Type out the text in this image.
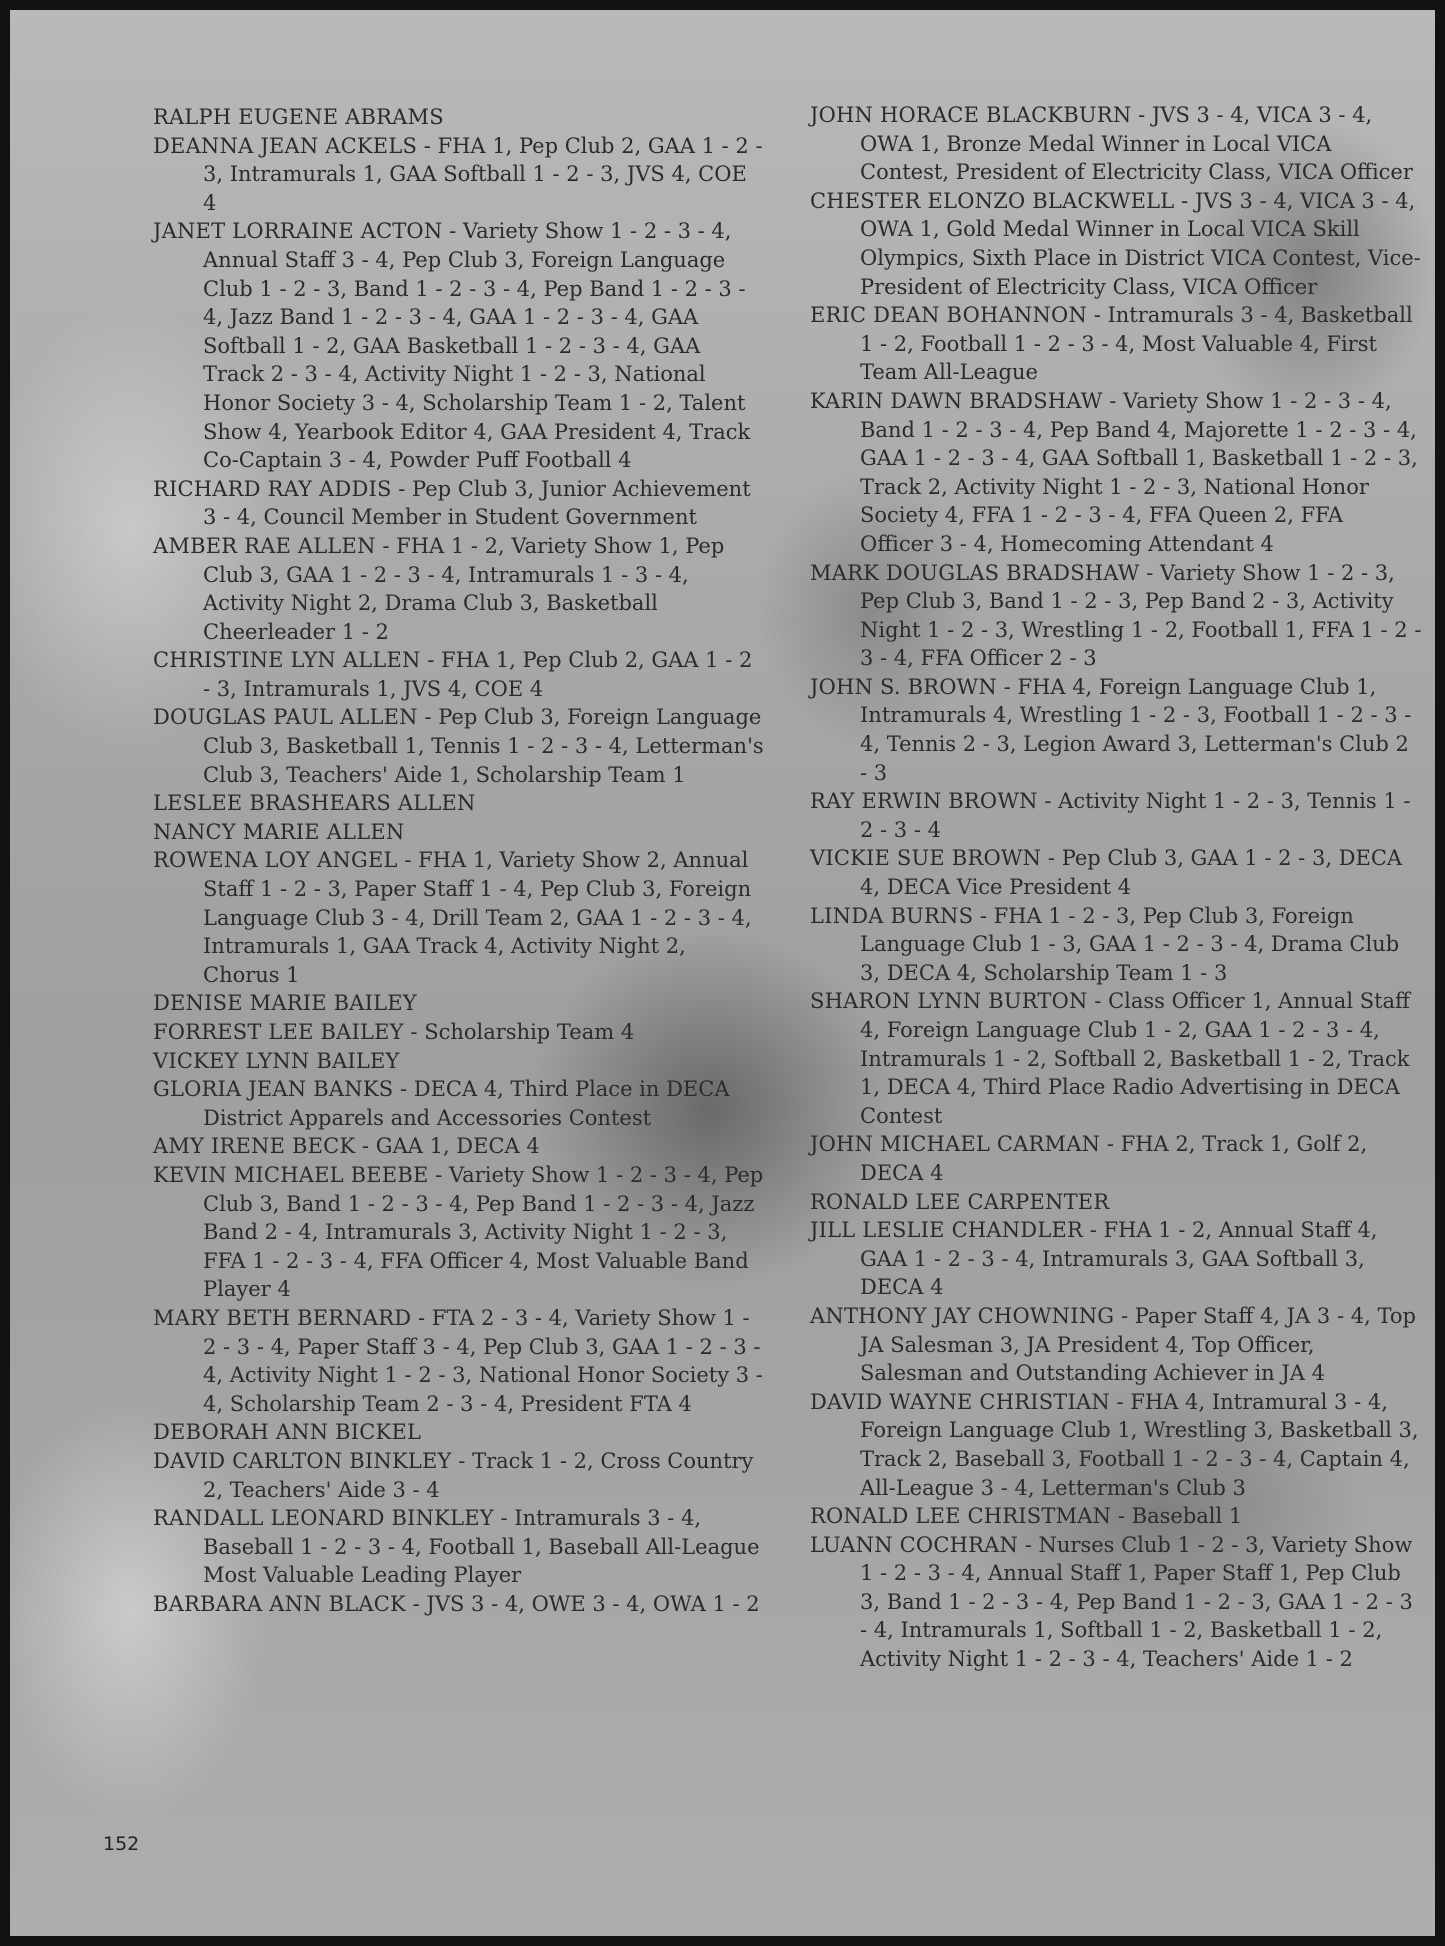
RALPH EUGENE ABRAMS

DEANNA JEAN ACKELS - FHA 1, Pep Club 2, GAA 1 - 2 - 3, Intramurals 1, GAA Softball 1 - 2 - 3, JVS 4, COE 4

JANET LORRAINE ACTON - Variety Show 1 - 2 - 3 - 4, Annual Staff 3 - 4, Pep Club 3, Foreign Language Club 1 - 2 - 3, Band 1 - 2 - 3 - 4, Pep Band 1 - 2 - 3 - 4, Jazz Band 1 - 2 - 3 - 4, GAA 1 - 2 - 3 - 4, GAA Softball 1 - 2, GAA Basketball 1 - 2 - 3 - 4, GAA Track 2 - 3 - 4, Activity Night 1 - 2 - 3, National Honor Society 3 - 4, Scholarship Team 1 - 2, Talent Show 4, Yearbook Editor 4, GAA President 4, Track Co-Captain 3 - 4, Powder Puff Football 4

RICHARD RAY ADDIS - Pep Club 3, Junior Achievement 3 - 4, Council Member in Student Government

AMBER RAE ALLEN - FHA 1 - 2, Variety Show 1, Pep Club 3, GAA 1 - 2 - 3 - 4, Intramurals 1 - 3 - 4, Activity Night 2, Drama Club 3, Basketball Cheerleader 1 - 2

CHRISTINE LYN ALLEN - FHA 1, Pep Club 2, GAA 1 - 2 - 3, Intramurals 1, JVS 4, COE 4

DOUGLAS PAUL ALLEN - Pep Club 3, Foreign Language Club 3, Basketball 1, Tennis 1 - 2 - 3 - 4, Letterman's Club 3, Teachers' Aide 1, Scholarship Team 1

LESLEE BRASHEARS ALLEN

NANCY MARIE ALLEN

ROWENA LOY ANGEL - FHA 1, Variety Show 2, Annual Staff 1 - 2 - 3, Paper Staff 1 - 4, Pep Club 3, Foreign Language Club 3 - 4, Drill Team 2, GAA 1 - 2 - 3 - 4, Intramurals 1, GAA Track 4, Activity Night 2, Chorus 1

DENISE MARIE BAILEY

FORREST LEE BAILEY - Scholarship Team 4

VICKEY LYNN BAILEY

GLORIA JEAN BANKS - DECA 4, Third Place in DECA District Apparels and Accessories Contest

AMY IRENE BECK - GAA 1, DECA 4

KEVIN MICHAEL BEEBE - Variety Show 1 - 2 - 3 - 4, Pep Club 3, Band 1 - 2 - 3 - 4, Pep Band 1 - 2 - 3 - 4, Jazz Band 2 - 4, Intramurals 3, Activity Night 1 - 2 - 3, FFA 1 - 2 - 3 - 4, FFA Officer 4, Most Valuable Band Player 4

MARY BETH BERNARD - FTA 2 - 3 - 4, Variety Show 1 - 2 - 3 - 4, Paper Staff 3 - 4, Pep Club 3, GAA 1 - 2 - 3 - 4, Activity Night 1 - 2 - 3, National Honor Society 3 - 4, Scholarship Team 2 - 3 - 4, President FTA 4

DEBORAH ANN BICKEL

DAVID CARLTON BINKLEY - Track 1 - 2, Cross Country 2, Teachers' Aide 3 - 4

RANDALL LEONARD BINKLEY - Intramurals 3 - 4, Baseball 1 - 2 - 3 - 4, Football 1, Baseball All-League Most Valuable Leading Player

BARBARA ANN BLACK - JVS 3 - 4, OWE 3 - 4, OWA 1 - 2

JOHN HORACE BLACKBURN - JVS 3 - 4, VICA 3 - 4, OWA 1, Bronze Medal Winner in Local VICA Contest, President of Electricity Class, VICA Officer

CHESTER ELONZO BLACKWELL - JVS 3 - 4, VICA 3 - 4, OWA 1, Gold Medal Winner in Local VICA Skill Olympics, Sixth Place in District VICA Contest, Vice-President of Electricity Class, VICA Officer

ERIC DEAN BOHANNON - Intramurals 3 - 4, Basketball 1 - 2, Football 1 - 2 - 3 - 4, Most Valuable 4, First Team All-League

KARIN DAWN BRADSHAW - Variety Show 1 - 2 - 3 - 4, Band 1 - 2 - 3 - 4, Pep Band 4, Majorette 1 - 2 - 3 - 4, GAA 1 - 2 - 3 - 4, GAA Softball 1, Basketball 1 - 2 - 3, Track 2, Activity Night 1 - 2 - 3, National Honor Society 4, FFA 1 - 2 - 3 - 4, FFA Queen 2, FFA Officer 3 - 4, Homecoming Attendant 4

MARK DOUGLAS BRADSHAW - Variety Show 1 - 2 - 3, Pep Club 3, Band 1 - 2 - 3, Pep Band 2 - 3, Activity Night 1 - 2 - 3, Wrestling 1 - 2, Football 1, FFA 1 - 2 - 3 - 4, FFA Officer 2 - 3

JOHN S. BROWN - FHA 4, Foreign Language Club 1, Intramurals 4, Wrestling 1 - 2 - 3, Football 1 - 2 - 3 - 4, Tennis 2 - 3, Legion Award 3, Letterman's Club 2 - 3

RAY ERWIN BROWN - Activity Night 1 - 2 - 3, Tennis 1 - 2 - 3 - 4

VICKIE SUE BROWN - Pep Club 3, GAA 1 - 2 - 3, DECA 4, DECA Vice President 4

LINDA BURNS - FHA 1 - 2 - 3, Pep Club 3, Foreign Language Club 1 - 3, GAA 1 - 2 - 3 - 4, Drama Club 3, DECA 4, Scholarship Team 1 - 3

SHARON LYNN BURTON - Class Officer 1, Annual Staff 4, Foreign Language Club 1 - 2, GAA 1 - 2 - 3 - 4, Intramurals 1 - 2, Softball 2, Basketball 1 - 2, Track 1, DECA 4, Third Place Radio Advertising in DECA Contest

JOHN MICHAEL CARMAN - FHA 2, Track 1, Golf 2, DECA 4

RONALD LEE CARPENTER

JILL LESLIE CHANDLER - FHA 1 - 2, Annual Staff 4, GAA 1 - 2 - 3 - 4, Intramurals 3, GAA Softball 3, DECA 4

ANTHONY JAY CHOWNING - Paper Staff 4, JA 3 - 4, Top JA Salesman 3, JA President 4, Top Officer, Salesman and Outstanding Achiever in JA 4

DAVID WAYNE CHRISTIAN - FHA 4, Intramural 3 - 4, Foreign Language Club 1, Wrestling 3, Basketball 3, Track 2, Baseball 3, Football 1 - 2 - 3 - 4, Captain 4, All-League 3 - 4, Letterman's Club 3

RONALD LEE CHRISTMAN - Baseball 1

LUANN COCHRAN - Nurses Club 1 - 2 - 3, Variety Show 1 - 2 - 3 - 4, Annual Staff 1, Paper Staff 1, Pep Club 3, Band 1 - 2 - 3 - 4, Pep Band 1 - 2 - 3, GAA 1 - 2 - 3 - 4, Intramurals 1, Softball 1 - 2, Basketball 1 - 2, Activity Night 1 - 2 - 3 - 4, Teachers' Aide 1 - 2

152
